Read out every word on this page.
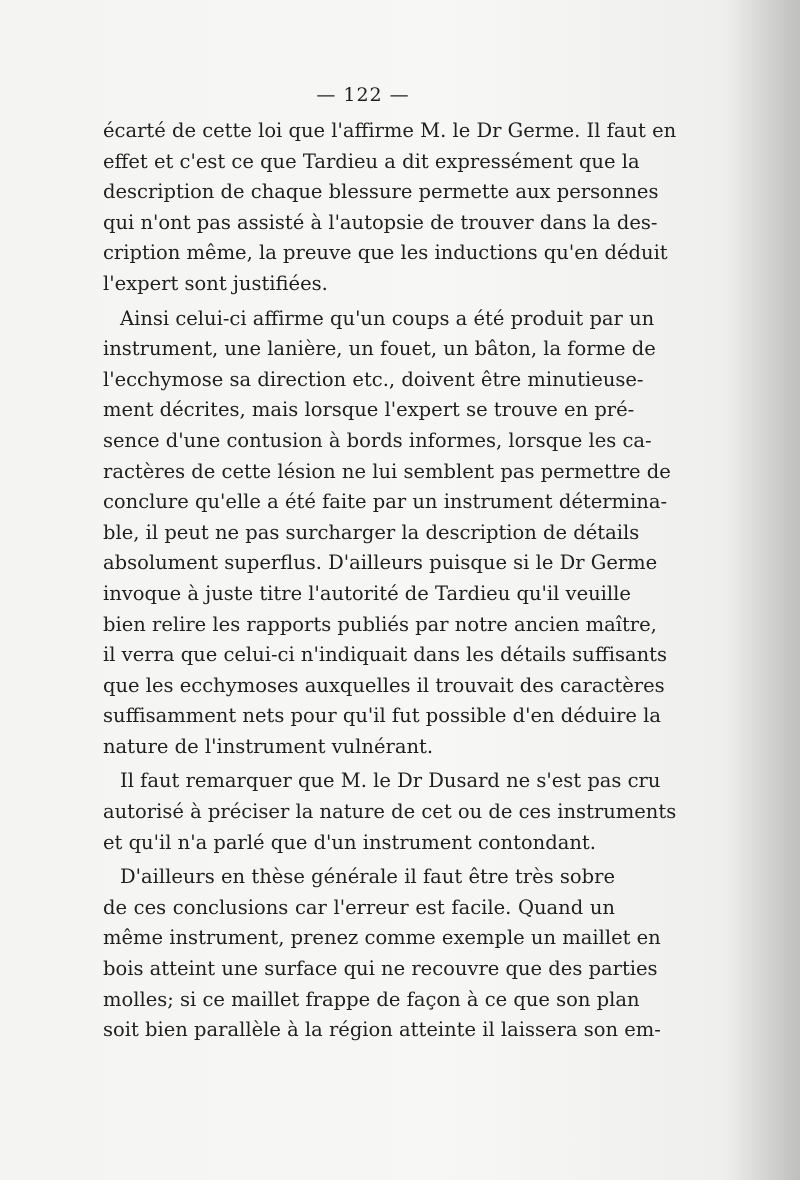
— 122 —
écarté de cette loi que l'affirme M. le Dr Germe. Il faut en
effet et c'est ce que Tardieu a dit expressément que la
description de chaque blessure permette aux personnes
qui n'ont pas assisté à l'autopsie de trouver dans la des-
cription même, la preuve que les inductions qu'en déduit
l'expert sont justifiées.
Ainsi celui-ci affirme qu'un coups a été produit par un
instrument, une lanière, un fouet, un bâton, la forme de
l'ecchymose sa direction etc., doivent être minutieuse-
ment décrites, mais lorsque l'expert se trouve en pré-
sence d'une contusion à bords informes, lorsque les ca-
ractères de cette lésion ne lui semblent pas permettre de
conclure qu'elle a été faite par un instrument détermina-
ble, il peut ne pas surcharger la description de détails
absolument superflus. D'ailleurs puisque si le Dr Germe
invoque à juste titre l'autorité de Tardieu qu'il veuille
bien relire les rapports publiés par notre ancien maître,
il verra que celui-ci n'indiquait dans les détails suffisants
que les ecchymoses auxquelles il trouvait des caractères
suffisamment nets pour qu'il fut possible d'en déduire la
nature de l'instrument vulnérant.
Il faut remarquer que M. le Dr Dusard ne s'est pas cru
autorisé à préciser la nature de cet ou de ces instruments
et qu'il n'a parlé que d'un instrument contondant.
D'ailleurs en thèse générale il faut être très sobre
de ces conclusions car l'erreur est facile. Quand un
même instrument, prenez comme exemple un maillet en
bois atteint une surface qui ne recouvre que des parties
molles; si ce maillet frappe de façon à ce que son plan
soit bien parallèle à la région atteinte il laissera son em-
